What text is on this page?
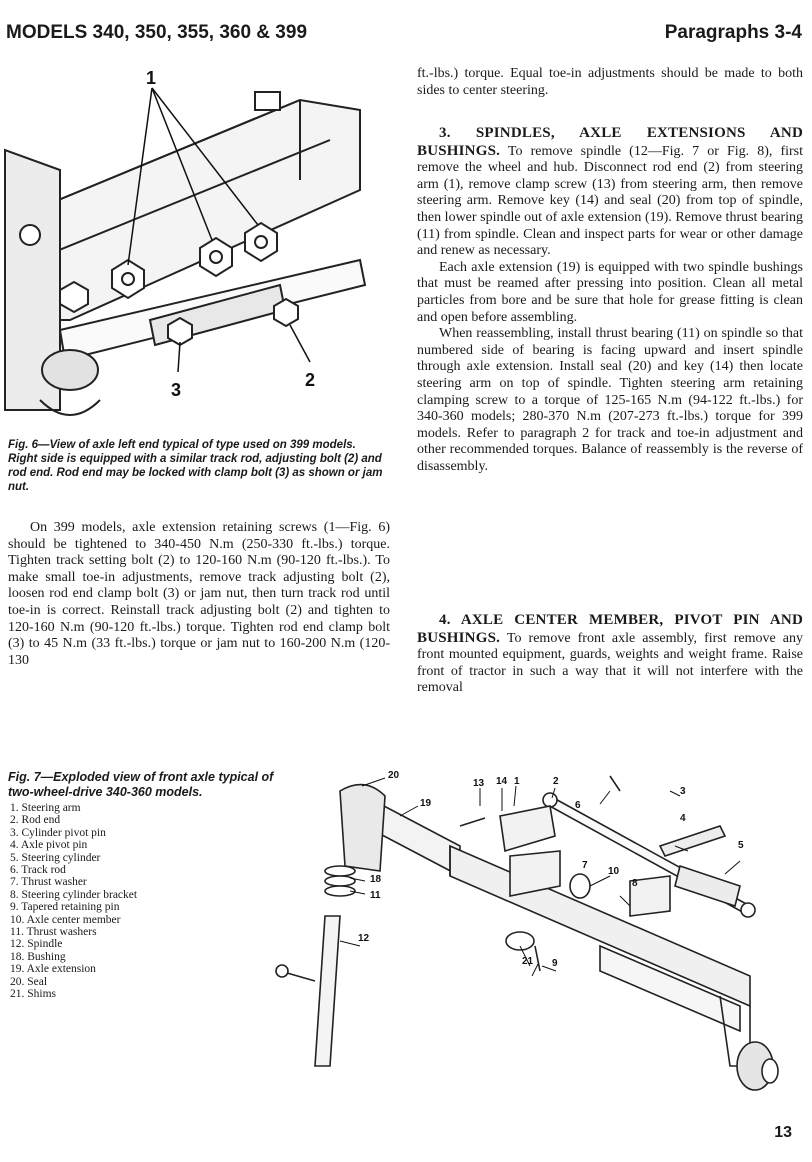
MODELS 340, 350, 355, 360 & 399	Paragraphs 3-4
1
2
3
Fig. 6—View of axle left end typical of type used on 399 models. Right side is equipped with a similar track rod, adjusting bolt (2) and rod end. Rod end may be locked with clamp bolt (3) as shown or jam nut.

On 399 models, axle extension retaining screws (1—Fig. 6) should be tightened to 340-450 N.m (250-330 ft.-lbs.) torque. Tighten track setting bolt (2) to 120-160 N.m (90-120 ft.-lbs.). To make small toe-in adjustments, remove track adjusting bolt (2), loosen rod end clamp bolt (3) or jam nut, then turn track rod until toe-in is correct. Reinstall track adjusting bolt (2) and tighten to 120-160 N.m (90-120 ft.-lbs.) torque. Tighten rod end clamp bolt (3) to 45 N.m (33 ft.-lbs.) torque or jam nut to 160-200 N.m (120-130

ft.-lbs.) torque. Equal toe-in adjustments should be made to both sides to center steering.

3. SPINDLES, AXLE EXTENSIONS AND BUSHINGS. To remove spindle (12—Fig. 7 or Fig. 8), first remove the wheel and hub. Disconnect rod end (2) from steering arm (1), remove clamp screw (13) from steering arm, then remove steering arm. Remove key (14) and seal (20) from top of spindle, then lower spindle out of axle extension (19). Remove thrust bearing (11) from spindle. Clean and inspect parts for wear or other damage and renew as necessary.

Each axle extension (19) is equipped with two spindle bushings that must be reamed after pressing into position. Clean all metal particles from bore and be sure that hole for grease fitting is clean and open before assembling.

When reassembling, install thrust bearing (11) on spindle so that numbered side of bearing is facing upward and insert spindle through axle extension. Install seal (20) and key (14) then locate steering arm on top of spindle. Tighten steering arm retaining clamping screw to a torque of 125-165 N.m (94-122 ft.-lbs.) for 340-360 models; 280-370 N.m (207-273 ft.-lbs.) torque for 399 models. Refer to paragraph 2 for track and toe-in adjustment and other recommended torques. Balance of reassembly is the reverse of disassembly.

4. AXLE CENTER MEMBER, PIVOT PIN AND BUSHINGS. To remove front axle assembly, first remove any front mounted equipment, guards, weights and weight frame. Raise front of tractor in such a way that it will not interfere with the removal

Fig. 7—Exploded view of front axle typical of two-wheel-drive 340-360 models.
1. Steering arm
2. Rod end
3. Cylinder pivot pin
4. Axle pivot pin
5. Steering cylinder
6. Track rod
7. Thrust washer
8. Steering cylinder bracket
9. Tapered retaining pin
10. Axle center member
11. Thrust washers
12. Spindle
18. Bushing
19. Axle extension
20. Seal
21. Shims
20
19
13 14 1	2
3
6
4
5
18
11
10
8
7
12
21 9
13
